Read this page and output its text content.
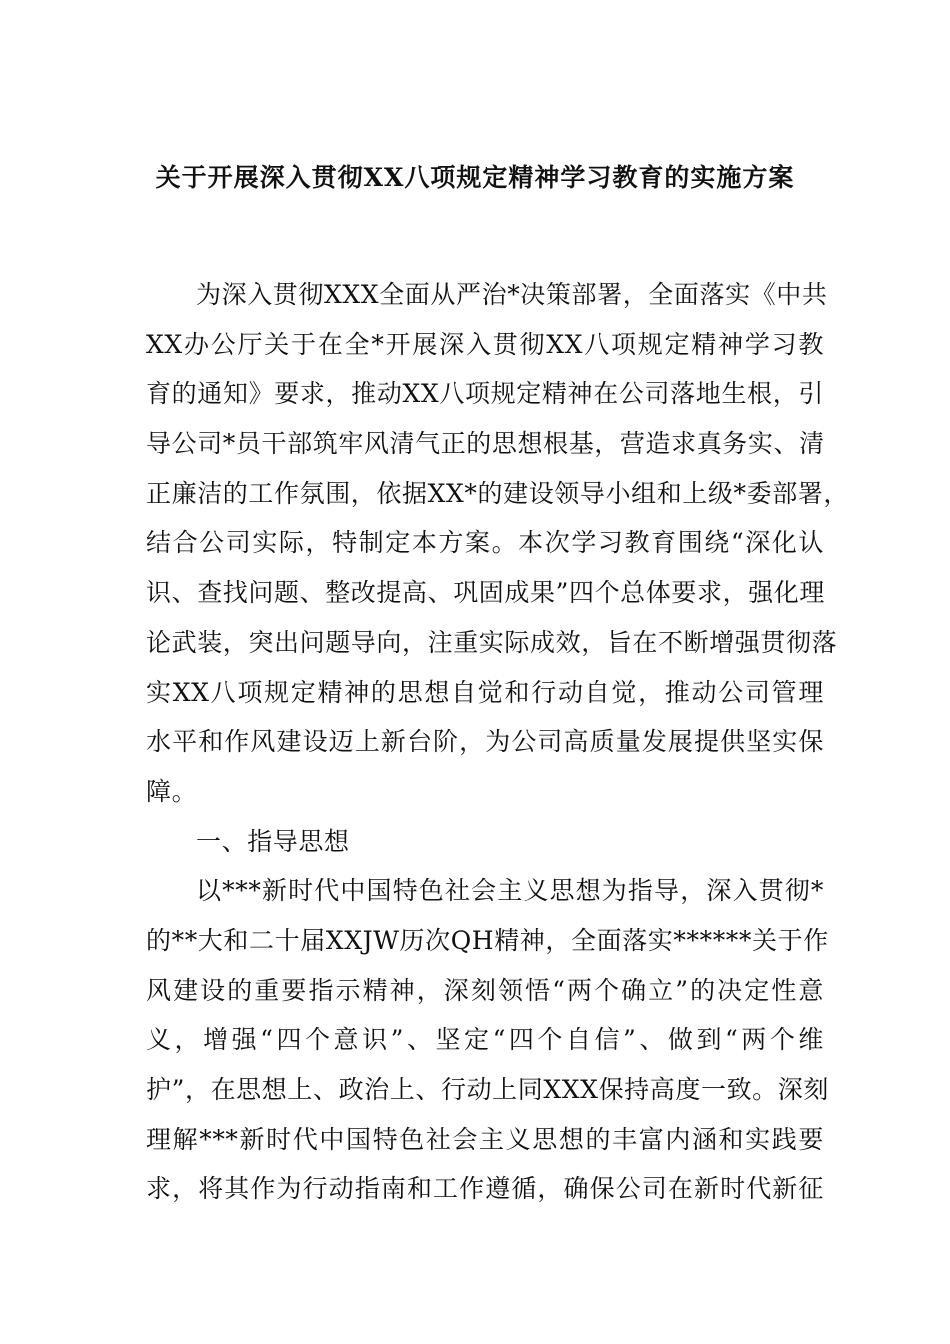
关于开展深入贯彻XX八项规定精神学习教育的实施方案
为深入贯彻XXX全面从严治*决策部署，全面落实《中共
XX办公厅关于在全*开展深入贯彻XX八项规定精神学习教
育的通知》要求，推动XX八项规定精神在公司落地生根，引
导公司*员干部筑牢风清气正的思想根基，营造求真务实、清
正廉洁的工作氛围，依据XX*的建设领导小组和上级*委部署，
结合公司实际，特制定本方案。本次学习教育围绕“深化认
识、查找问题、整改提高、巩固成果”四个总体要求，强化理
论武装，突出问题导向，注重实际成效，旨在不断增强贯彻落
实XX八项规定精神的思想自觉和行动自觉，推动公司管理
水平和作风建设迈上新台阶，为公司高质量发展提供坚实保
障。
一、指导思想
以***新时代中国特色社会主义思想为指导，深入贯彻*
的**大和二十届XXJW历次QH精神，全面落实******关于作
风建设的重要指示精神，深刻领悟“两个确立”的决定性意
义，增强“四个意识”、坚定“四个自信”、做到“两个维
护”，在思想上、政治上、行动上同XXX保持高度一致。深刻
理解***新时代中国特色社会主义思想的丰富内涵和实践要
求，将其作为行动指南和工作遵循，确保公司在新时代新征
